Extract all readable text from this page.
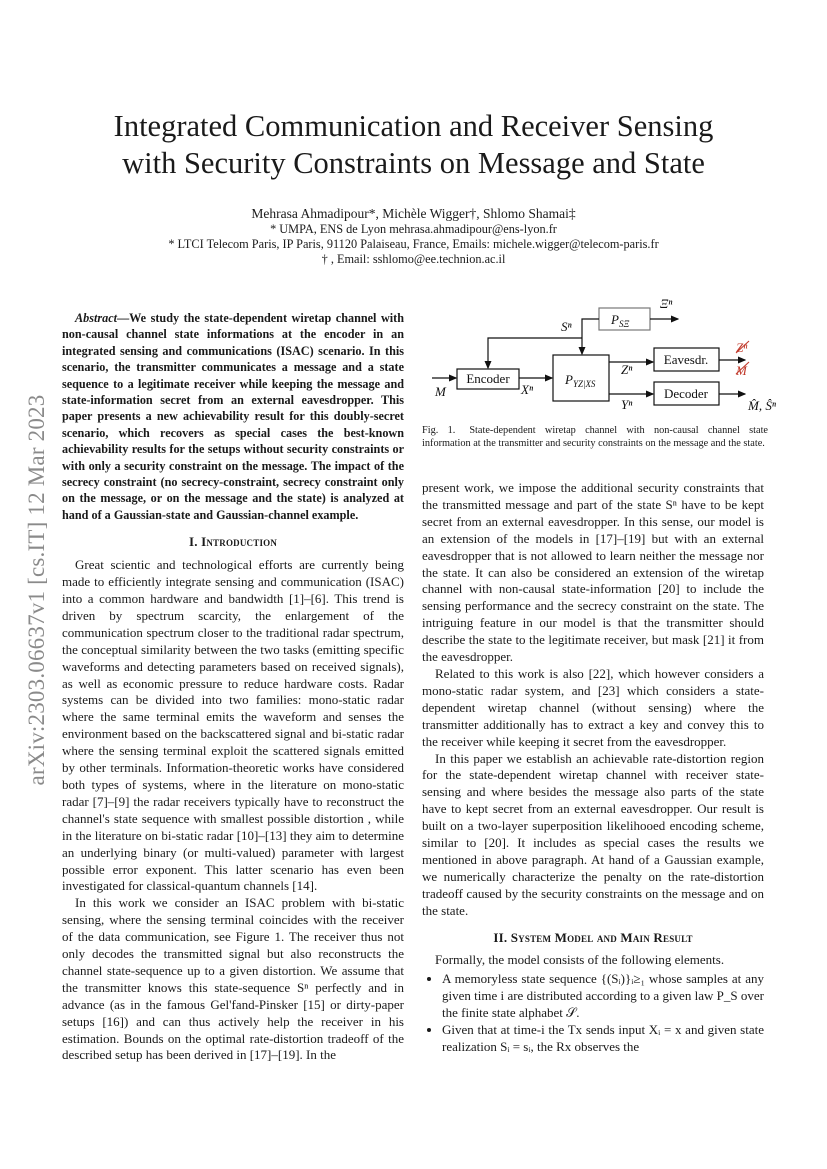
arXiv:2303.06637v1 [cs.IT] 12 Mar 2023
Integrated Communication and Receiver Sensing
with Security Constraints on Message and State
Mehrasa Ahmadipour*, Michèle Wigger†, Shlomo Shamai‡
* UMPA, ENS de Lyon mehrasa.ahmadipour@ens-lyon.fr
* LTCI Telecom Paris, IP Paris, 91120 Palaiseau, France, Emails: michele.wigger@telecom-paris.fr
† , Email: sshlomo@ee.technion.ac.il
Abstract—We study the state-dependent wiretap channel with non-causal channel state informations at the encoder in an integrated sensing and communications (ISAC) scenario. In this scenario, the transmitter communicates a message and a state sequence to a legitimate receiver while keeping the message and state-information secret from an external eavesdropper. This paper presents a new achievability result for this doubly-secret scenario, which recovers as special cases the best-known achievability results for the setups without security constraints or with only a security constraint on the message. The impact of the secrecy constraint (no secrecy-constraint, secrecy constraint only on the message, or on the message and the state) is analyzed at hand of a Gaussian-state and Gaussian-channel example.
I. Introduction

Great scientic and technological efforts are currently being made to efficiently integrate sensing and communication (ISAC) into a common hardware and bandwidth [1]–[6]. This trend is driven by spectrum scarcity, the enlargement of the communication spectrum closer to the traditional radar spectrum, the conceptual similarity between the two tasks (emitting specific waveforms and detecting parameters based on received signals), as well as economic pressure to reduce hardware costs. Radar systems can be divided into two families: mono-static radar where the same terminal emits the waveform and senses the environment based on the backscattered signal and bi-static radar where the sensing terminal exploit the scattered signals emitted by other terminals. Information-theoretic works have considered both types of systems, where in the literature on mono-static radar [7]–[9] the radar receivers typically have to reconstruct the channel's state sequence with smallest possible distortion , while in the literature on bi-static radar [10]–[13] they aim to determine an underlying binary (or multi-valued) parameter with largest possible error exponent. This latter scenario has even been investigated for classical-quantum channels [14].

In this work we consider an ISAC problem with bi-static sensing, where the sensing terminal coincides with the receiver of the data communication, see Figure 1. The receiver thus not only decodes the transmitted signal but also reconstructs the channel state-sequence up to a given distortion. We assume that the transmitter knows this state-sequence Sⁿ perfectly and in advance (as in the famous Gel'fand-Pinsker [15] or dirty-paper setups [16]) and can thus actively help the receiver in his estimation. Bounds on the optimal rate-distortion tradeoff of the described setup has been derived in [17]–[19]. In the

Encoder	$P_{YZ|XS}$
$P_{S\Xi}$
Eavesdr.
Decoder
Ξⁿ
Sⁿ
M	Xⁿ
Zⁿ
Yⁿ
Zⁿ
M
M̂, Ŝⁿ
Fig. 1. State-dependent wiretap channel with non-causal channel state information at the transmitter and security constraints on the message and the state.

present work, we impose the additional security constraints that the transmitted message and part of the state Sⁿ have to be kept secret from an external eavesdropper. In this sense, our model is an extension of the models in [17]–[19] but with an external eavesdropper that is not allowed to learn neither the message nor the state. It can also be considered an extension of the wiretap channel with non-causal state-information [20] to include the sensing performance and the secrecy constraint on the state. The intriguing feature in our model is that the transmitter should describe the state to the legitimate receiver, but mask [21] it from the eavesdropper.

Related to this work is also [22], which however considers a mono-static radar system, and [23] which considers a state-dependent wiretap channel (without sensing) where the transmitter additionally has to extract a key and convey this to the receiver while keeping it secret from the eavesdropper.

In this paper we establish an achievable rate-distortion region for the state-dependent wiretap channel with receiver state-sensing and where besides the message also parts of the state have to kept secret from an external eavesdropper. Our result is built on a two-layer superposition likelihooed encoding scheme, similar to [20]. It includes as special cases the results we mentioned in above paragraph. At hand of a Gaussian example, we numerically characterize the penalty on the rate-distortion tradeoff caused by the security constraints on the message and on the state.

II. System Model and Main Result

Formally, the model consists of the following elements.

• A memoryless state sequence {(Sᵢ)}ᵢ≥₁ whose samples at any given time i are distributed according to a given law P_S over the finite state alphabet 𝒮.
• Given that at time-i the Tx sends input Xᵢ = x and given state realization Sᵢ = sᵢ, the Rx observes the
